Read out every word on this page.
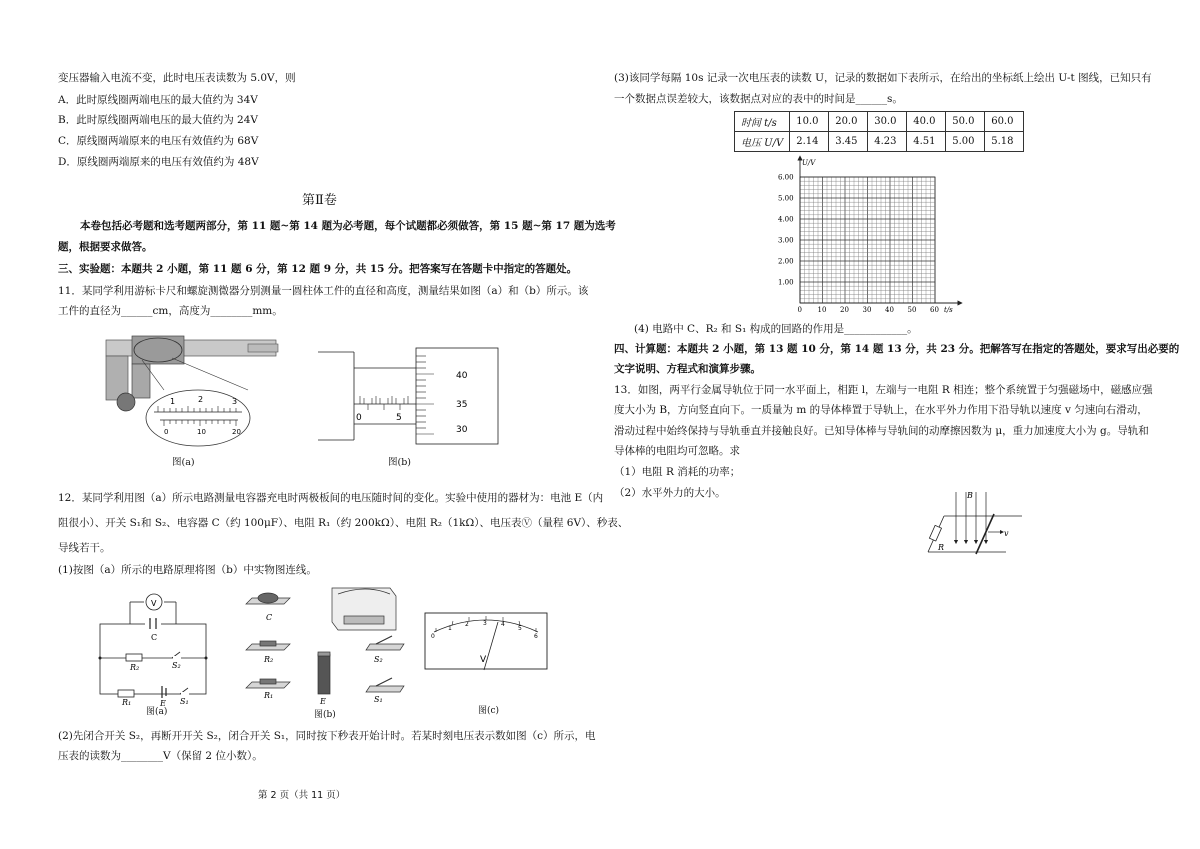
变压器输入电流不变，此时电压表读数为 5.0V，则
A．此时原线圈两端电压的最大值约为 34V
B．此时原线圈两端电压的最大值约为 24V
C．原线圈两端原来的电压有效值约为 68V
D．原线圈两端原来的电压有效值约为 48V
第Ⅱ卷
本卷包括必考题和选考题两部分，第 11 题~第 14 题为必考题，每个试题都必须做答，第 15 题~第 17 题为选考
题，根据要求做答。
三、实验题：本题共 2 小题，第 11 题 6 分，第 12 题 9 分，共 15 分。把答案写在答题卡中指定的答题处。
11．某同学利用游标卡尺和螺旋测微器分别测量一圆柱体工件的直径和高度，测量结果如图（a）和（b）所示。该
工件的直径为______cm，高度为________mm。
1	2	3
0	10	20
图(a)
0	5
40
35
30
图(b)
12．某同学利用图（a）所示电路测量电容器充电时两极板间的电压随时间的变化。实验中使用的器材为：电池 E（内
阻很小）、开关 S₁和 S₂、电容器 C（约 100μF）、电阻 R₁（约 200kΩ）、电阻 R₂（1kΩ）、电压表Ⓥ（量程 6V）、秒表、
导线若干。
(1)按图（a）所示的电路原理将图（b）中实物图连线。
V
C
R₂	S₂
R₁	E S₁
图(a)
C
R₂
R₁
E
S₂
S₁
图(b)
0
1
2 3 4
5
6
V
图(c)
(2)先闭合开关 S₂，再断开开关 S₂，闭合开关 S₁，同时按下秒表开始计时。若某时刻电压表示数如图（c）所示，电
压表的读数为________V（保留 2 位小数）。
第 2 页（共 11 页）
(3)该同学每隔 10s 记录一次电压表的读数 U，记录的数据如下表所示，在给出的坐标纸上绘出 U-t 图线，已知只有
一个数据点误差较大，该数据点对应的表中的时间是______s。
时间 t/s	10.0	20.0	30.0	40.0	50.0	60.0
电压 U/V	2.14	3.45	4.23	4.51	5.00	5.18
U/V
t/s
0 10 20 30 40 50 60
1.00
2.00
3.00
4.00
5.00
6.00
(4) 电路中 C、R₂ 和 S₁ 构成的回路的作用是____________。
四、计算题：本题共 2 小题，第 13 题 10 分，第 14 题 13 分，共 23 分。把解答写在指定的答题处，要求写出必要的
文字说明、方程式和演算步骤。
13．如图，两平行金属导轨位于同一水平面上，相距 l，左端与一电阻 R 相连；整个系统置于匀强磁场中，磁感应强
度大小为 B，方向竖直向下。一质量为 m 的导体棒置于导轨上，在水平外力作用下沿导轨以速度 v 匀速向右滑动，
滑动过程中始终保持与导轨垂直并接触良好。已知导体棒与导轨间的动摩擦因数为 μ，重力加速度大小为 g。导轨和
导体棒的电阻均可忽略。求
（1）电阻 R 消耗的功率；
（2）水平外力的大小。	B
R
v
